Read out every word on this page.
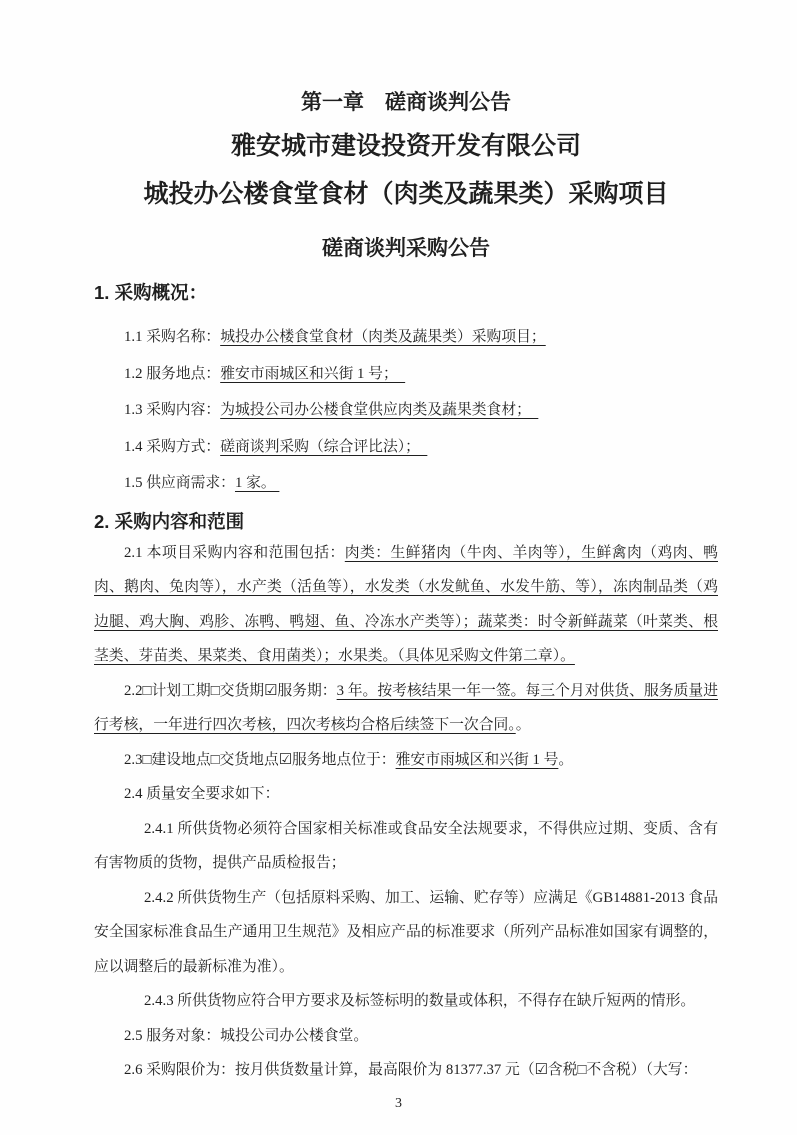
第一章　磋商谈判公告

雅安城市建设投资开发有限公司

城投办公楼食堂食材（肉类及蔬果类）采购项目

磋商谈判采购公告

1. 采购概况：

1.1 采购名称：城投办公楼食堂食材（肉类及蔬果类）采购项目；

1.2 服务地点：雅安市雨城区和兴街 1 号；

1.3 采购内容：为城投公司办公楼食堂供应肉类及蔬果类食材；

1.4 采购方式：磋商谈判采购（综合评比法）；

1.5 供应商需求：1 家。

2. 采购内容和范围

2.1 本项目采购内容和范围包括：肉类：生鲜猪肉（牛肉、羊肉等），生鲜禽肉（鸡肉、鸭肉、鹅肉、兔肉等），水产类（活鱼等），水发类（水发鱿鱼、水发牛筋、等），冻肉制品类（鸡边腿、鸡大胸、鸡胗、冻鸭、鸭翅、鱼、冷冻水产类等）；蔬菜类：时令新鲜蔬菜（叶菜类、根茎类、芽苗类、果菜类、食用菌类）；水果类。（具体见采购文件第二章）。

2.2□计划工期□交货期☑服务期：3 年。按考核结果一年一签。每三个月对供货、服务质量进行考核，一年进行四次考核，四次考核均合格后续签下一次合同。。

2.3□建设地点□交货地点☑服务地点位于：雅安市雨城区和兴街 1 号。

2.4 质量安全要求如下：

2.4.1 所供货物必须符合国家相关标准或食品安全法规要求，不得供应过期、变质、含有有害物质的货物，提供产品质检报告；

2.4.2 所供货物生产（包括原料采购、加工、运输、贮存等）应满足《GB14881-2013 食品安全国家标准食品生产通用卫生规范》及相应产品的标准要求（所列产品标准如国家有调整的，应以调整后的最新标准为准）。

2.4.3 所供货物应符合甲方要求及标签标明的数量或体积，不得存在缺斤短两的情形。

2.5 服务对象：城投公司办公楼食堂。

2.6 采购限价为：按月供货数量计算，最高限价为 81377.37 元（☑含税□不含税）（大写：

3
